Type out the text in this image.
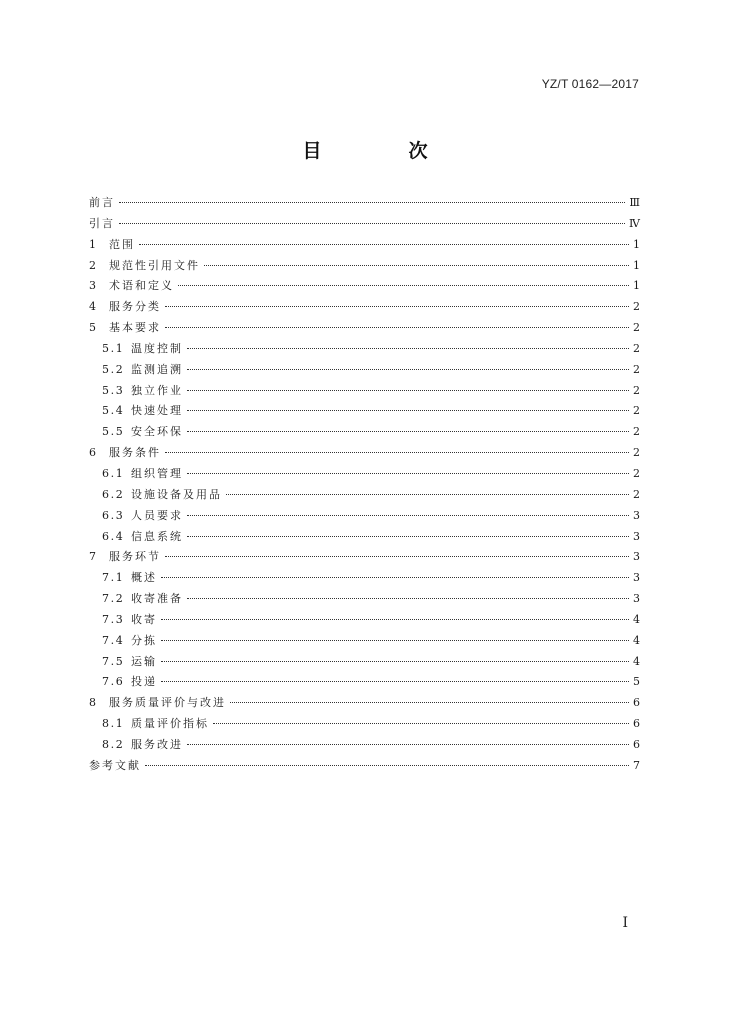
YZ/T 0162—2017
目　次
前言	Ⅲ
引言	Ⅳ
1	范围	1
2	规范性引用文件	1
3	术语和定义	1
4	服务分类	2
5	基本要求	2
5.1 温度控制	2
5.2 监测追溯	2
5.3 独立作业	2
5.4 快速处理	2
5.5 安全环保	2
6	服务条件	2
6.1 组织管理	2
6.2 设施设备及用品	2
6.3 人员要求	3
6.4 信息系统	3
7	服务环节	3
7.1 概述	3
7.2 收寄准备	3
7.3 收寄	4
7.4 分拣	4
7.5 运输	4
7.6 投递	5
8	服务质量评价与改进	6
8.1 质量评价指标	6
8.2 服务改进	6
参考文献	7
Ⅰ
